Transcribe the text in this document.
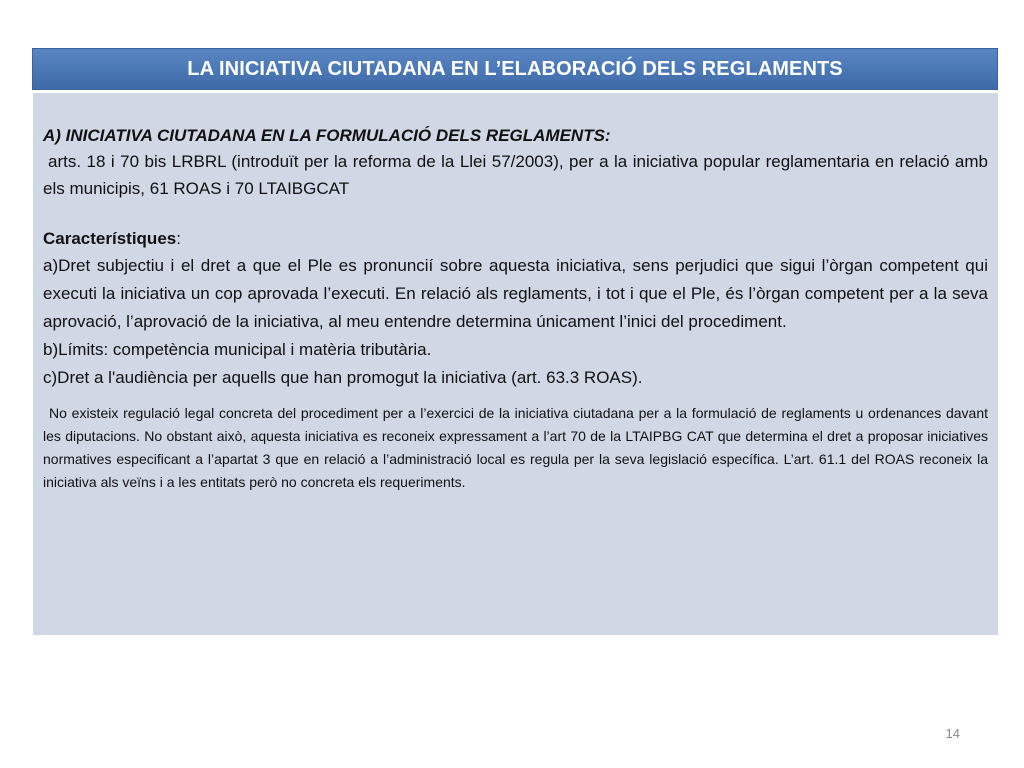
LA INICIATIVA CIUTADANA EN L’ELABORACIÓ DELS REGLAMENTS
A) INICIATIVA CIUTADANA EN LA FORMULACIÓ DELS REGLAMENTS:
arts. 18 i 70 bis LRBRL (introduït per la reforma de la Llei 57/2003), per a la iniciativa popular reglamentaria en relació amb els municipis, 61 ROAS i 70 LTAIBGCAT
Característiques:
a)Dret subjectiu i el dret a que el Ple es pronuncií sobre aquesta iniciativa, sens perjudici que sigui l’òrgan competent qui executi la iniciativa un cop aprovada l’executi. En relació als reglaments, i tot i que el Ple, és l’òrgan competent per a la seva aprovació, l’aprovació de la iniciativa, al meu entendre determina únicament l’inici del procediment.
b)Límits: competència municipal i matèria tributària.
c)Dret a l'audiència per aquells que han promogut la iniciativa (art. 63.3 ROAS).
No existeix regulació legal concreta del procediment per a l’exercici de la iniciativa ciutadana per a la formulació de reglaments u ordenances davant les diputacions. No obstant això, aquesta iniciativa es reconeix expressament a l’art 70 de la LTAIPBG CAT que determina el dret a proposar iniciatives normatives especificant a l’apartat 3 que en relació a l’administració local es regula per la seva legislació específica. L’art. 61.1 del ROAS reconeix la iniciativa als veïns i a les entitats però no concreta els requeriments.
14
